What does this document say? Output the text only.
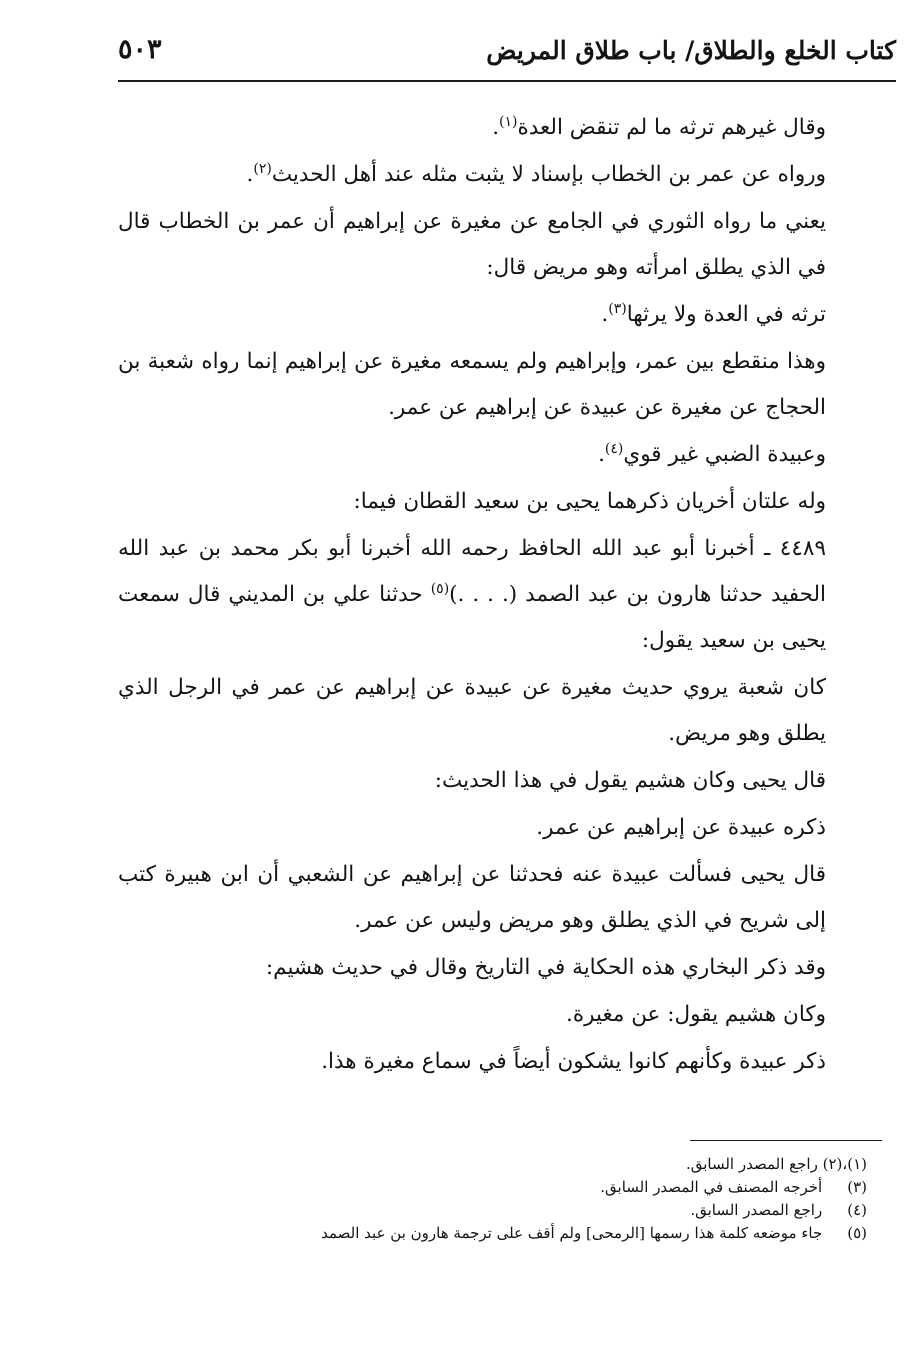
كتاب الخلع والطلاق/ باب طلاق المريض
٥٠٣

وقال غيرهم ترثه ما لم تنقض العدة$^{(١)}$.

ورواه عن عمر بن الخطاب بإسناد لا يثبت مثله عند أهل الحديث$^{(٢)}$.

يعني ما رواه الثوري في الجامع عن مغيرة عن إبراهيم أن عمر بن الخطاب قال في الذي يطلق امرأته وهو مريض قال:

ترثه في العدة ولا يرثها$^{(٣)}$.

وهذا منقطع بين عمر، وإبراهيم ولم يسمعه مغيرة عن إبراهيم إنما رواه شعبة بن الحجاج عن مغيرة عن عبيدة عن إبراهيم عن عمر.

وعبيدة الضبي غير قوي$^{(٤)}$.

وله علتان أخريان ذكرهما يحيى بن سعيد القطان فيما:

٤٤٨٩ ـ أخبرنا أبو عبد الله الحافظ رحمه الله أخبرنا أبو بكر محمد بن عبد الله الحفيد حدثنا هارون بن عبد الصمد (. . . .)$^{(٥)}$ حدثنا علي بن المديني قال سمعت يحيى بن سعيد يقول:

كان شعبة يروي حديث مغيرة عن عبيدة عن إبراهيم عن عمر في الرجل الذي يطلق وهو مريض.

قال يحيى وكان هشيم يقول في هذا الحديث:

ذكره عبيدة عن إبراهيم عن عمر.

قال يحيى فسألت عبيدة عنه فحدثنا عن إبراهيم عن الشعبي أن ابن هبيرة كتب إلى شريح في الذي يطلق وهو مريض وليس عن عمر.

وقد ذكر البخاري هذه الحكاية في التاريخ وقال في حديث هشيم:

وكان هشيم يقول: عن مغيرة.

ذكر عبيدة وكأنهم كانوا يشكون أيضاً في سماع مغيرة هذا.

(١)،(٢) راجع المصدر السابق.
(٣) أخرجه المصنف في المصدر السابق.
(٤) راجع المصدر السابق.
(٥) جاء موضعه كلمة هذا رسمها [الرمحى] ولم أقف على ترجمة هارون بن عبد الصمد
